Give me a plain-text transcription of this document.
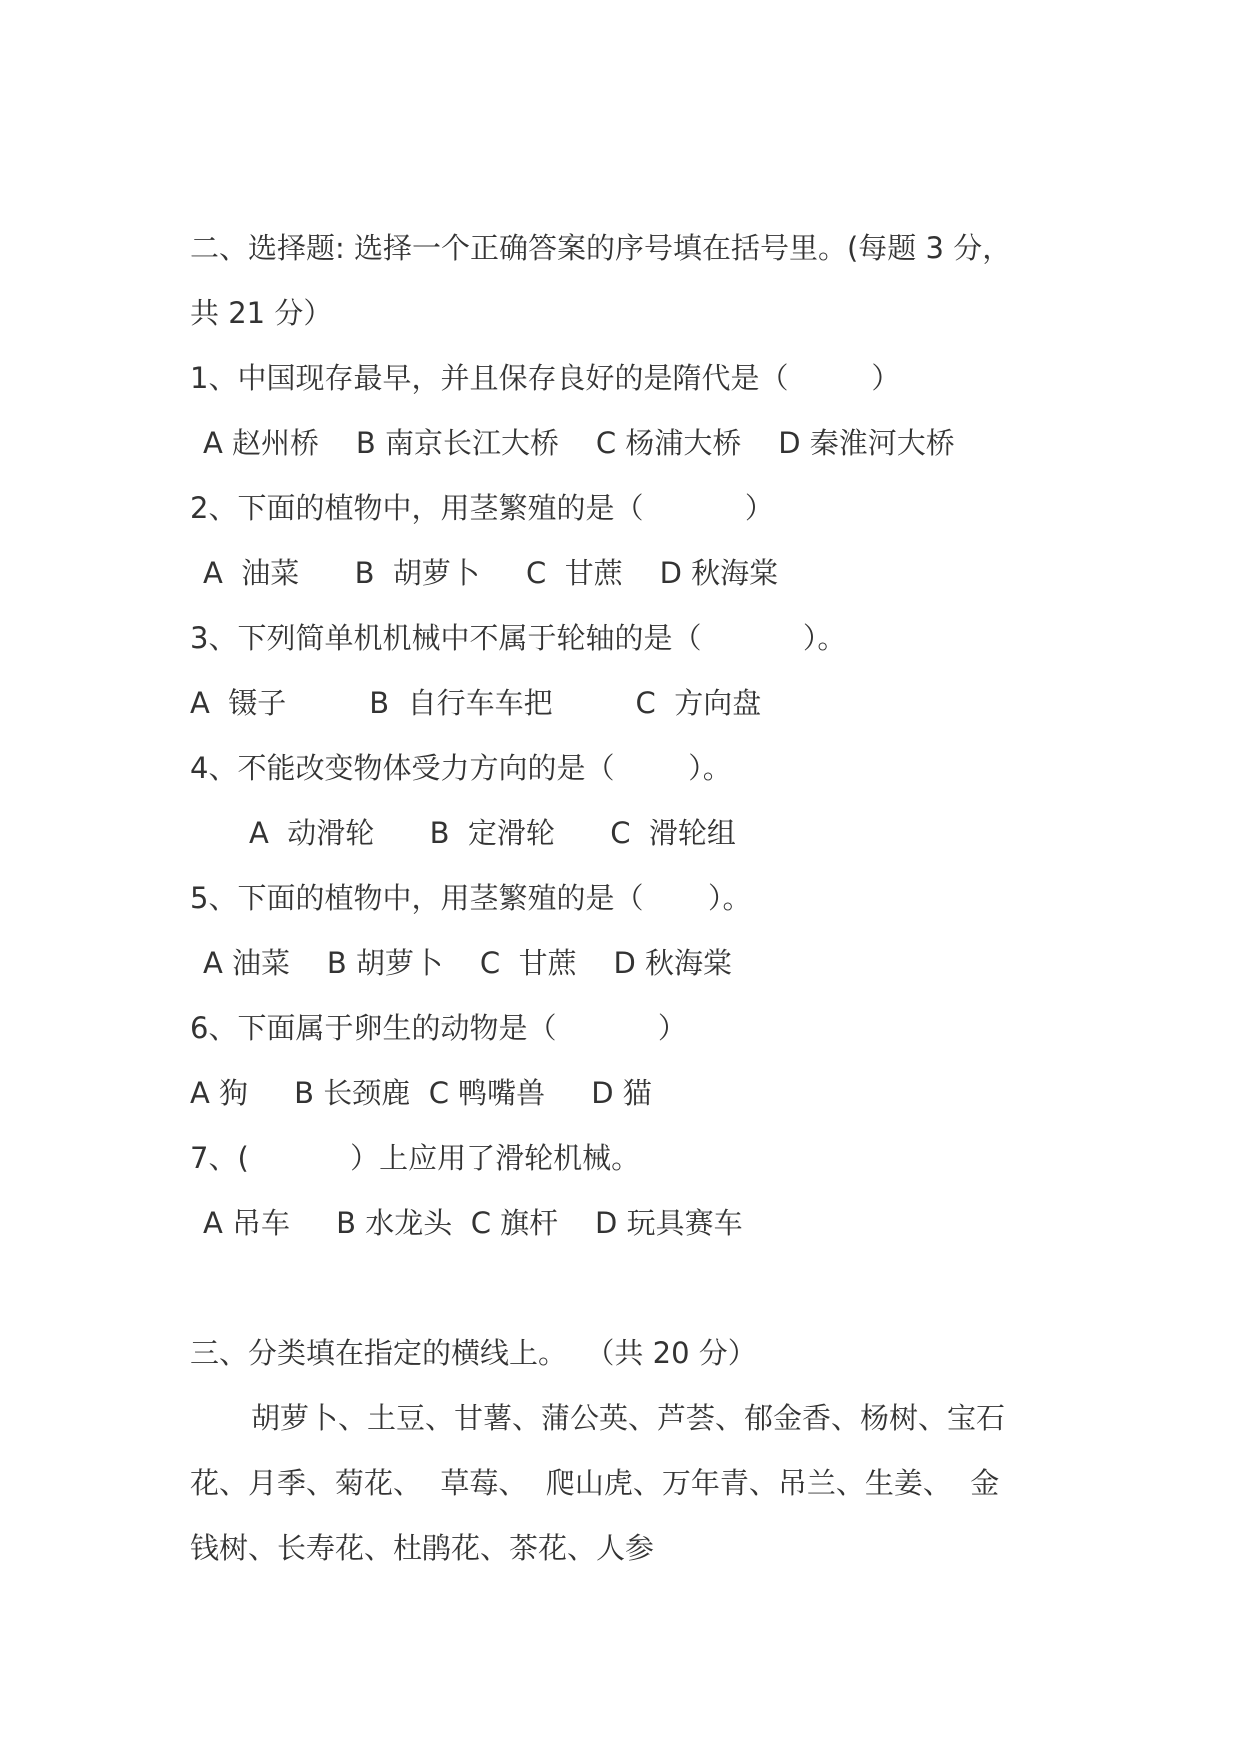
二、选择题: 选择一个正确答案的序号填在括号里。(每题 3 分，
共 21 分）
1、中国现存最早，并且保存良好的是隋代是（         ）
A 赵州桥    B 南京长江大桥    C 杨浦大桥    D 秦淮河大桥
2、下面的植物中，用茎繁殖的是（           ）
A  油菜      B  胡萝卜     C  甘蔗    D 秋海棠
3、下列简单机机械中不属于轮轴的是（           ）。
A  镊子         B  自行车车把         C  方向盘
4、不能改变物体受力方向的是（        ）。
A  动滑轮      B  定滑轮      C  滑轮组
5、下面的植物中，用茎繁殖的是（       ）。
A 油菜    B 胡萝卜    C  甘蔗    D 秋海棠
6、下面属于卵生的动物是（           ）
A 狗     B 长颈鹿  C 鸭嘴兽     D 猫
7、(           ）上应用了滑轮机械。
A 吊车     B 水龙头  C 旗杆    D 玩具赛车
三、分类填在指定的横线上。  （共 20 分）
胡萝卜、土豆、甘薯、蒲公英、芦荟、郁金香、杨树、宝石
花、月季、菊花、  草莓、  爬山虎、万年青、吊兰、生姜、  金
钱树、长寿花、杜鹃花、茶花、人参
